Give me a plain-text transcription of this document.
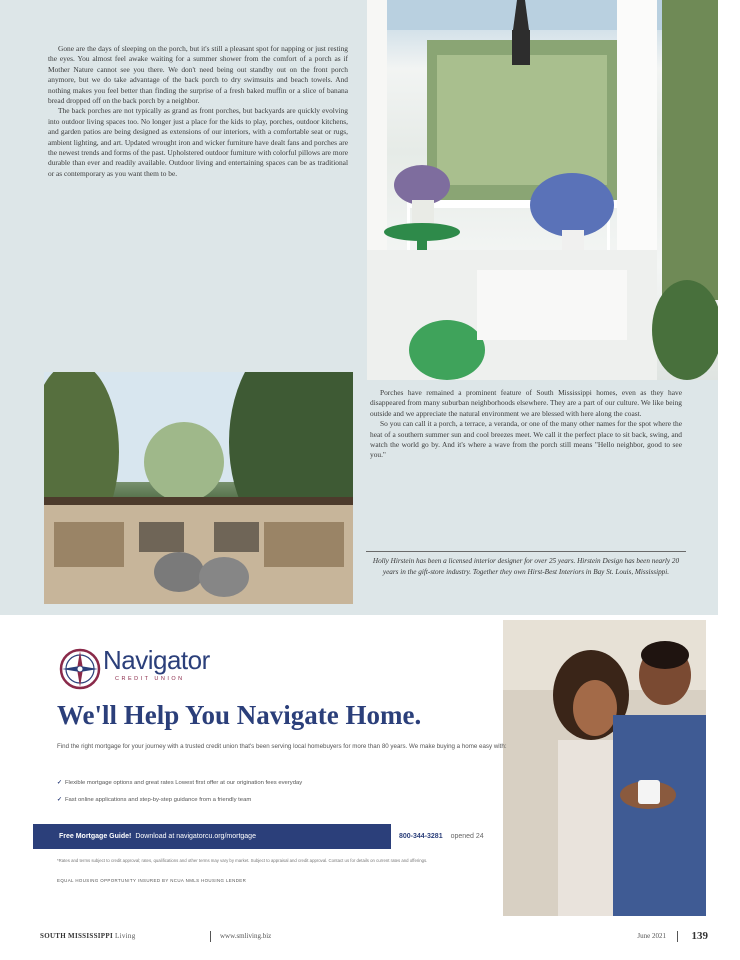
Gone are the days of sleeping on the porch, but it's still a pleasant spot for napping or just resting the eyes. You almost feel awake waiting for a summer shower from the comfort of a porch as if Mother Nature cannot see you there. We don't need being out standby out on the front porch anymore, but we do take advantage of the back porch to dry swimsuits and beach towels. And nothing makes you feel better than finding the surprise of a fresh baked muffin or a slice of banana bread dropped off on the back porch by a neighbor.

The back porches are not typically as grand as front porches, but backyards are quickly evolving into outdoor living spaces too. No longer just a place for the kids to play, porches, outdoor kitchens, and garden patios are being designed as extensions of our interiors, with a comfortable seat or rugs, ambient lighting, and art. Updated wrought iron and wicker furniture have dealt fans and porches are the newest trends and forms of the past. Upholstered outdoor furniture with colorful pillows are more durable than ever and readily available. Outdoor living and entertaining spaces can be as traditional or as contemporary as you want them to be.

Porches have remained a prominent feature of South Mississippi homes, even as they have disappeared from many suburban neighborhoods elsewhere. They are a part of our culture. We like being outside and we appreciate the natural environment we are blessed with here along the coast.

So you can call it a porch, a terrace, a veranda, or one of the many other names for the spot where the heat of a southern summer sun and cool breezes meet. We call it the perfect place to sit back, swing, and watch the world go by. And it's where a wave from the porch still means "Hello neighbor, good to see you."

Holly Hirstein has been a licensed interior designer for over 25 years. Hirstein Design has been nearly 20 years in the gift-store industry. Together they own Hirst-Best Interiors in Bay St. Louis, Mississippi.
Navigator
CREDIT UNION
We'll Help You Navigate Home.
Find the right mortgage for your journey with a trusted credit union that's been serving local homebuyers for more than 80 years. We make buying a home easy with:
✓ Flexible mortgage options and great rates Lowest first offer at our origination fees everyday
✓ Fast online applications and step-by-step guidance from a friendly team
Free Mortgage Guide! Download at navigatorcu.org/mortgage	800-344-3281 opened 24
*Rates and terms subject to credit approval; rates, qualifications and other terms may vary by market. Subject to appraisal and credit approval. Contact us for details on current rates and offerings.
EQUAL HOUSING OPPORTUNITY INSURED BY NCUA NMLS HOUSING LENDER
SOUTH MISSISSIPPI Living	www.smliving.biz	June 2021 139
